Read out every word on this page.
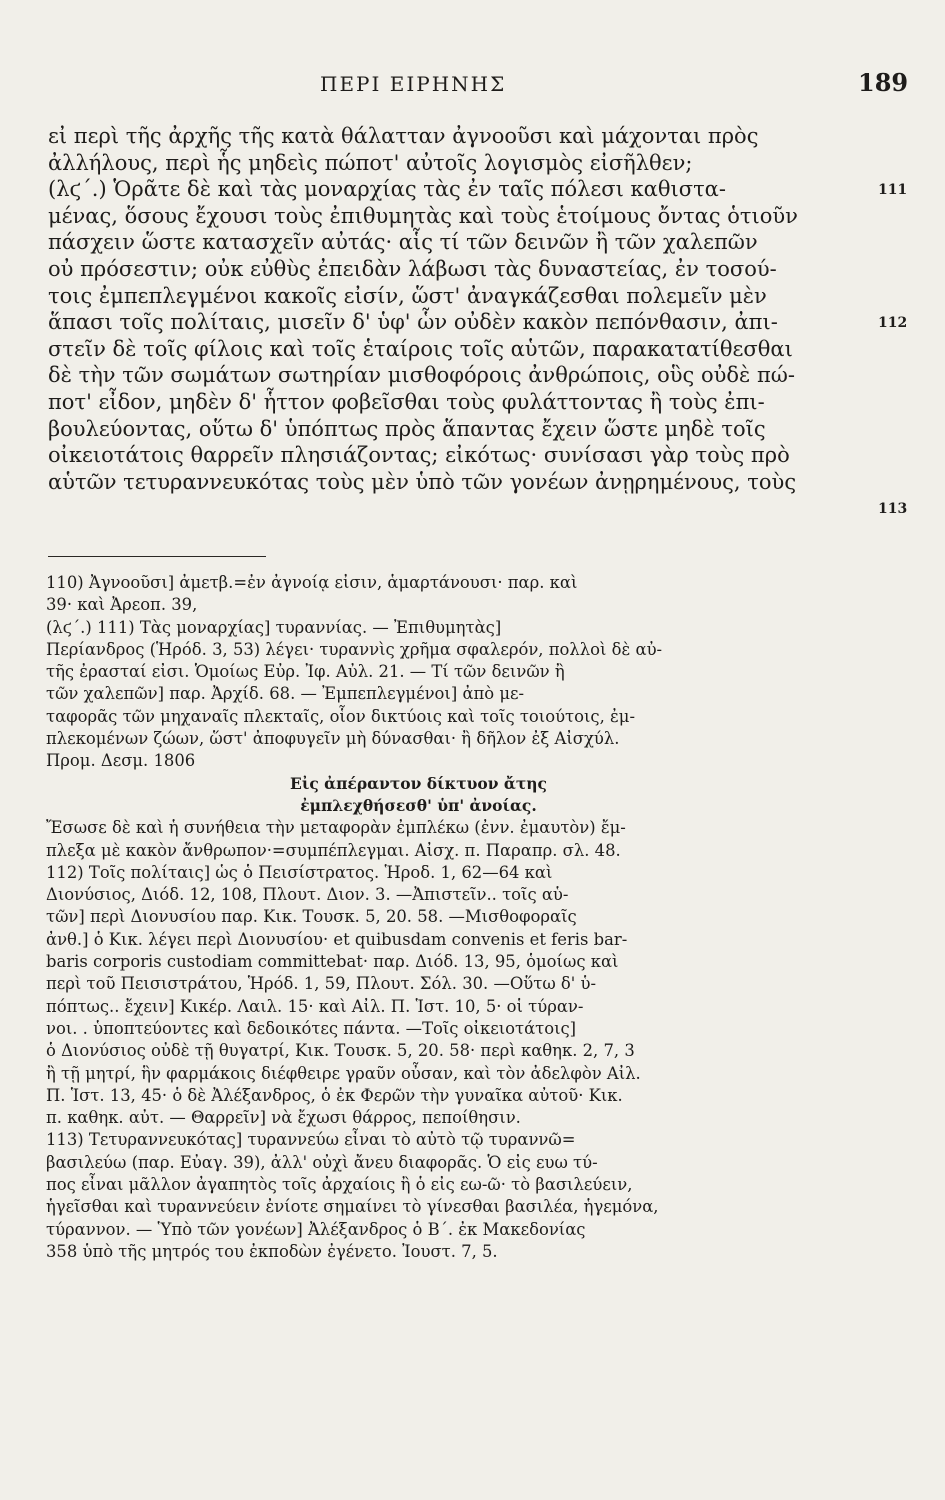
ΠΕΡΙ ΕΙΡΗΝΗΣ	189
εἰ περὶ τῆς ἀρχῆς τῆς κατὰ θάλατταν ἀγνοοῦσι καὶ μάχονται πρὸς
ἀλλήλους, περὶ ἧς μηδεὶς πώποτ' αὐτοῖς λογισμὸς εἰσῆλθεν;
(λϛ΄.) Ὁρᾶτε δὲ καὶ τὰς μοναρχίας τὰς ἐν ταῖς πόλεσι καθιστα-
μένας, ὅσους ἔχουσι τοὺς ἐπιθυμητὰς καὶ τοὺς ἑτοίμους ὄντας ὁτιοῦν
πάσχειν ὥστε κατασχεῖν αὐτάς· αἷς τί τῶν δεινῶν ἢ τῶν χαλεπῶν
οὐ πρόσεστιν; οὐκ εὐθὺς ἐπειδὰν λάβωσι τὰς δυναστείας, ἐν τοσού-
τοις ἐμπεπλεγμένοι κακοῖς εἰσίν, ὥστ' ἀναγκάζεσθαι πολεμεῖν μὲν
ἅπασι τοῖς πολίταις, μισεῖν δ' ὑφ' ὧν οὐδὲν κακὸν πεπόνθασιν, ἀπι-
στεῖν δὲ τοῖς φίλοις καὶ τοῖς ἑταίροις τοῖς αὑτῶν, παρακατατίθεσθαι
δὲ τὴν τῶν σωμάτων σωτηρίαν μισθοφόροις ἀνθρώποις, οὓς οὐδὲ πώ-
ποτ' εἶδον, μηδὲν δ' ἧττον φοβεῖσθαι τοὺς φυλάττοντας ἢ τοὺς ἐπι-
βουλεύοντας, οὕτω δ' ὑπόπτως πρὸς ἅπαντας ἔχειν ὥστε μηδὲ τοῖς
οἰκειοτάτοις θαρρεῖν πλησιάζοντας; εἰκότως· συνίσασι γὰρ τοὺς πρὸ
αὑτῶν τετυραννευκότας τοὺς μὲν ὑπὸ τῶν γονέων ἀνῃρημένους, τοὺς
111
112
113
110) Ἀγνοοῦσι] ἀμετβ.=ἐν ἀγνοίᾳ εἰσιν, ἁμαρτάνουσι· παρ. καὶ
39· καὶ Ἀρεοπ. 39,
(λϛ΄.) 111) Τὰς μοναρχίας] τυραννίας. — Ἐπιθυμητὰς]
Περίανδρος (Ἡρόδ. 3, 53) λέγει· τυραννὶς χρῆμα σφαλερόν, πολλοὶ δὲ αὐ-
τῆς ἐρασταί εἰσι. Ὁμοίως Εὐρ. Ἰφ. Αὐλ. 21. — Τί τῶν δεινῶν ἢ
τῶν χαλεπῶν] παρ. Ἀρχίδ. 68. — Ἐμπεπλεγμένοι] ἀπὸ με-
ταφορᾶς τῶν μηχαναῖς πλεκταῖς, οἷον δικτύοις καὶ τοῖς τοιούτοις, ἐμ-
πλεκομένων ζώων, ὥστ' ἀποφυγεῖν μὴ δύνασθαι· ἢ δῆλον ἐξ Αἰσχύλ.
Προμ. Δεσμ. 1806
Εἰς ἀπέραντον δίκτυον ἄτης
ἐμπλεχθήσεσθ' ὑπ' ἀνοίας.
Ἔσωσε δὲ καὶ ἡ συνήθεια τὴν μεταφορὰν ἐμπλέκω (ἐνν. ἐμαυτὸν) ἔμ-
πλεξα μὲ κακὸν ἄνθρωπον·=συμπέπλεγμαι. Αἰσχ. π. Παραπρ. σλ. 48.
112) Τοῖς πολίταις] ὡς ὁ Πεισίστρατος. Ἡροδ. 1, 62—64 καὶ
Διονύσιος, Διόδ. 12, 108, Πλουτ. Διον. 3. —Ἀπιστεῖν.. τοῖς αὑ-
τῶν] περὶ Διονυσίου παρ. Κικ. Τουσκ. 5, 20. 58. —Μισθοφοραῖς
ἀνθ.] ὁ Κικ. λέγει περὶ Διονυσίου· et quibusdam convenis et feris bar-
baris corporis custodiam committebat· παρ. Διόδ. 13, 95, ὁμοίως καὶ
περὶ τοῦ Πεισιστράτου, Ἡρόδ. 1, 59, Πλουτ. Σόλ. 30. —Οὕτω δ' ὑ-
πόπτως.. ἔχειν] Κικέρ. Λαιλ. 15· καὶ Αἰλ. Π. Ἱστ. 10, 5· οἱ τύραν-
νοι. . ὑποπτεύοντες καὶ δεδοικότες πάντα. —Τοῖς οἰκειοτάτοις]
ὁ Διονύσιος οὐδὲ τῇ θυγατρί, Κικ. Τουσκ. 5, 20. 58· περὶ καθηκ. 2, 7, 3
ἢ τῇ μητρί, ἣν φαρμάκοις διέφθειρε γραῦν οὖσαν, καὶ τὸν ἀδελφὸν Αἰλ.
Π. Ἱστ. 13, 45· ὁ δὲ Ἀλέξανδρος, ὁ ἐκ Φερῶν τὴν γυναῖκα αὐτοῦ· Κικ.
π. καθηκ. αὐτ. — Θαρρεῖν] νὰ ἔχωσι θάρρος, πεποίθησιν.
113) Τετυραννευκότας] τυραννεύω εἶναι τὸ αὐτὸ τῷ τυραννῶ=
βασιλεύω (παρ. Εὐαγ. 39), ἀλλ' οὐχὶ ἄνευ διαφορᾶς. Ὁ εἰς ευω τύ-
πος εἶναι μᾶλλον ἀγαπητὸς τοῖς ἀρχαίοις ἢ ὁ εἰς εω-ῶ· τὸ βασιλεύειν,
ἡγεῖσθαι καὶ τυραννεύειν ἐνίοτε σημαίνει τὸ γίνεσθαι βασιλέα, ἡγεμόνα,
τύραννον. — Ὑπὸ τῶν γονέων] Ἀλέξανδρος ὁ Β΄. ἐκ Μακεδονίας
358 ὑπὸ τῆς μητρός του ἐκποδὼν ἐγένετο. Ἰουστ. 7, 5.
